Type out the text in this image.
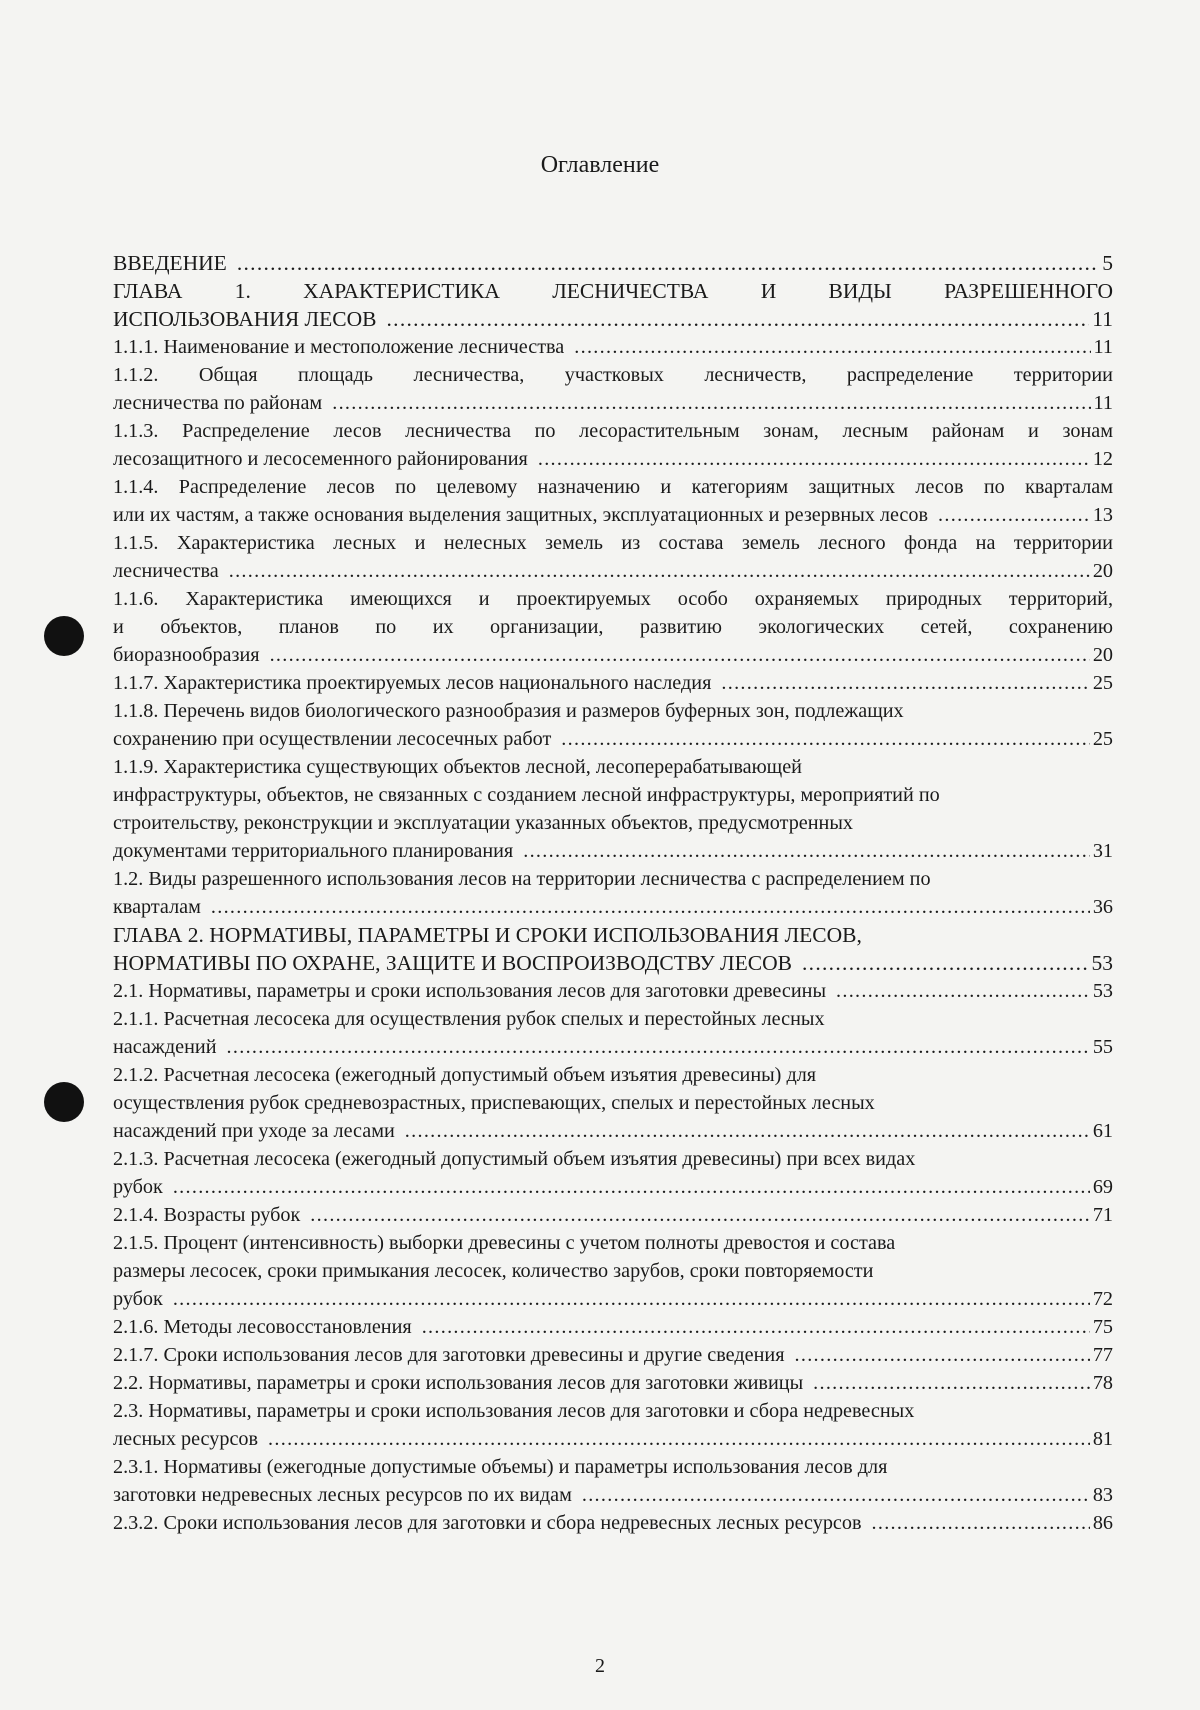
Оглавление
ВВЕДЕНИЕ .....	5
ГЛАВА 1. ХАРАКТЕРИСТИКА ЛЕСНИЧЕСТВА И ВИДЫ РАЗРЕШЕННОГО
ИСПОЛЬЗОВАНИЯ ЛЕСОВ .....	11
1.1.1. Наименование и местоположение лесничества .....	11
1.1.2. Общая площадь лесничества, участковых лесничеств, распределение территории
лесничества по районам .....	11
1.1.3. Распределение лесов лесничества по лесорастительным зонам, лесным районам и зонам
лесозащитного и лесосеменного районирования .....	12
1.1.4. Распределение лесов по целевому назначению и категориям защитных лесов по кварталам
или их частям, а также основания выделения защитных, эксплуатационных и резервных лесов .....	13
1.1.5. Характеристика лесных и нелесных земель из состава земель лесного фонда на территории
лесничества .....	20
1.1.6. Характеристика имеющихся и проектируемых особо охраняемых природных территорий,
и объектов, планов по их организации, развитию экологических сетей, сохранению
биоразнообразия .....	20
1.1.7. Характеристика проектируемых лесов национального наследия .....	25
1.1.8. Перечень видов биологического разнообразия и размеров буферных зон, подлежащих
сохранению при осуществлении лесосечных работ .....	25
1.1.9. Характеристика существующих объектов лесной, лесоперерабатывающей
инфраструктуры, объектов, не связанных с созданием лесной инфраструктуры, мероприятий по
строительству, реконструкции и эксплуатации указанных объектов, предусмотренных
документами территориального планирования .....	31
1.2. Виды разрешенного использования лесов на территории лесничества с распределением по
кварталам .....	36
ГЛАВА 2. НОРМАТИВЫ, ПАРАМЕТРЫ И СРОКИ ИСПОЛЬЗОВАНИЯ ЛЕСОВ,
НОРМАТИВЫ ПО ОХРАНЕ, ЗАЩИТЕ И ВОСПРОИЗВОДСТВУ ЛЕСОВ .....	53
2.1. Нормативы, параметры и сроки использования лесов для заготовки древесины .....	53
2.1.1. Расчетная лесосека для осуществления рубок спелых и перестойных лесных
насаждений .....	55
2.1.2. Расчетная лесосека (ежегодный допустимый объем изъятия древесины) для
осуществления рубок средневозрастных, приспевающих, спелых и перестойных лесных
насаждений при уходе за лесами .....	61
2.1.3. Расчетная лесосека (ежегодный допустимый объем изъятия древесины) при всех видах
рубок .....	69
2.1.4. Возрасты рубок .....	71
2.1.5. Процент (интенсивность) выборки древесины с учетом полноты древостоя и состава
размеры лесосек, сроки примыкания лесосек, количество зарубов, сроки повторяемости
рубок .....	72
2.1.6. Методы лесовосстановления .....	75
2.1.7. Сроки использования лесов для заготовки древесины и другие сведения .....	77
2.2. Нормативы, параметры и сроки использования лесов для заготовки живицы .....	78
2.3. Нормативы, параметры и сроки использования лесов для заготовки и сбора недревесных
лесных ресурсов .....	81
2.3.1. Нормативы (ежегодные допустимые объемы) и параметры использования лесов для
заготовки недревесных лесных ресурсов по их видам .....	83
2.3.2. Сроки использования лесов для заготовки и сбора недревесных лесных ресурсов .....	86
2
